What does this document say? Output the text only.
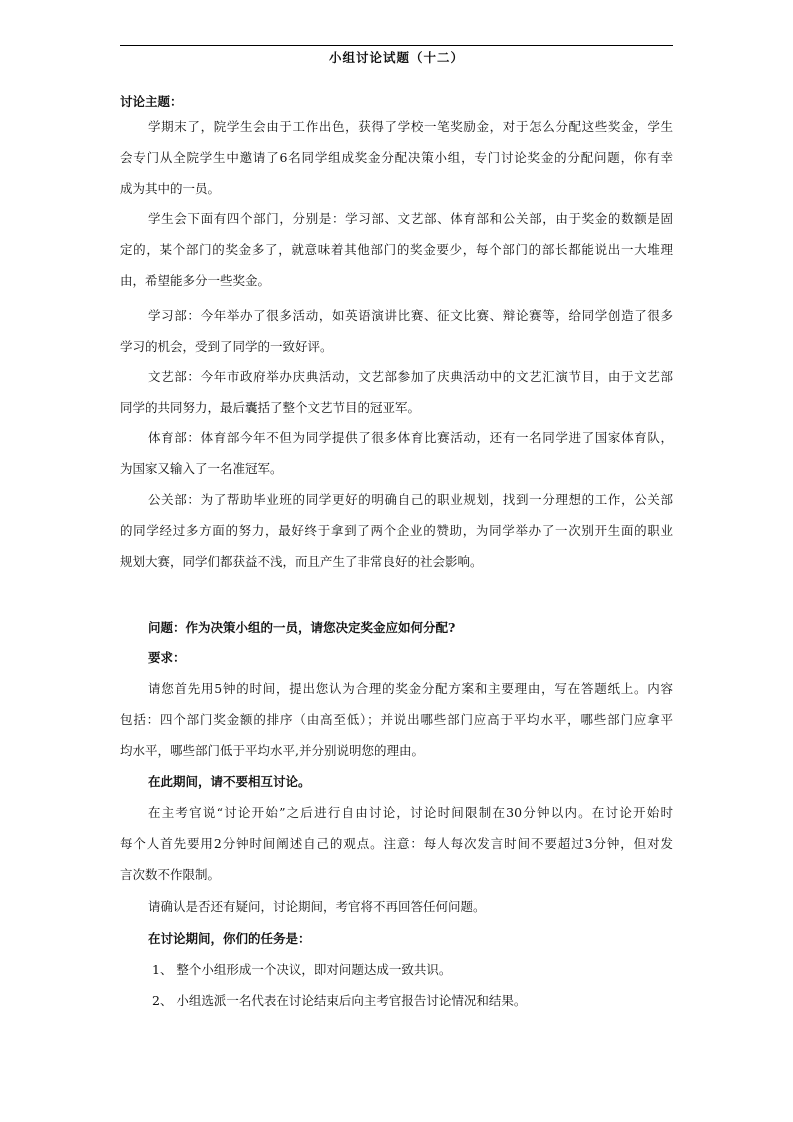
小组讨论试题（十二）
讨论主题：
学期末了，院学生会由于工作出色，获得了学校一笔奖励金，对于怎么分配这些奖金，学生
会专门从全院学生中邀请了6名同学组成奖金分配决策小组，专门讨论奖金的分配问题，你有幸
成为其中的一员。
学生会下面有四个部门，分别是：学习部、文艺部、体育部和公关部，由于奖金的数额是固
定的，某个部门的奖金多了，就意味着其他部门的奖金要少，每个部门的部长都能说出一大堆理
由，希望能多分一些奖金。
学习部：今年举办了很多活动，如英语演讲比赛、征文比赛、辩论赛等，给同学创造了很多
学习的机会，受到了同学的一致好评。
文艺部：今年市政府举办庆典活动，文艺部参加了庆典活动中的文艺汇演节目，由于文艺部
同学的共同努力，最后囊括了整个文艺节目的冠亚军。
体育部：体育部今年不但为同学提供了很多体育比赛活动，还有一名同学进了国家体育队，
为国家又输入了一名准冠军。
公关部：为了帮助毕业班的同学更好的明确自己的职业规划，找到一分理想的工作，公关部
的同学经过多方面的努力，最好终于拿到了两个企业的赞助，为同学举办了一次别开生面的职业
规划大赛，同学们都获益不浅，而且产生了非常良好的社会影响。
问题：作为决策小组的一员，请您决定奖金应如何分配?
要求：
请您首先用5钟的时间，提出您认为合理的奖金分配方案和主要理由，写在答题纸上。内容
包括：四个部门奖金额的排序（由高至低）；并说出哪些部门应高于平均水平，哪些部门应拿平
均水平，哪些部门低于平均水平,并分别说明您的理由。
在此期间，请不要相互讨论。
在主考官说“讨论开始”之后进行自由讨论，讨论时间限制在30分钟以内。在讨论开始时
每个人首先要用2分钟时间阐述自己的观点。注意：每人每次发言时间不要超过3分钟，但对发
言次数不作限制。
请确认是否还有疑问，讨论期间，考官将不再回答任何问题。
在讨论期间，你们的任务是：
1、 整个小组形成一个决议，即对问题达成一致共识。
2、 小组选派一名代表在讨论结束后向主考官报告讨论情况和结果。
